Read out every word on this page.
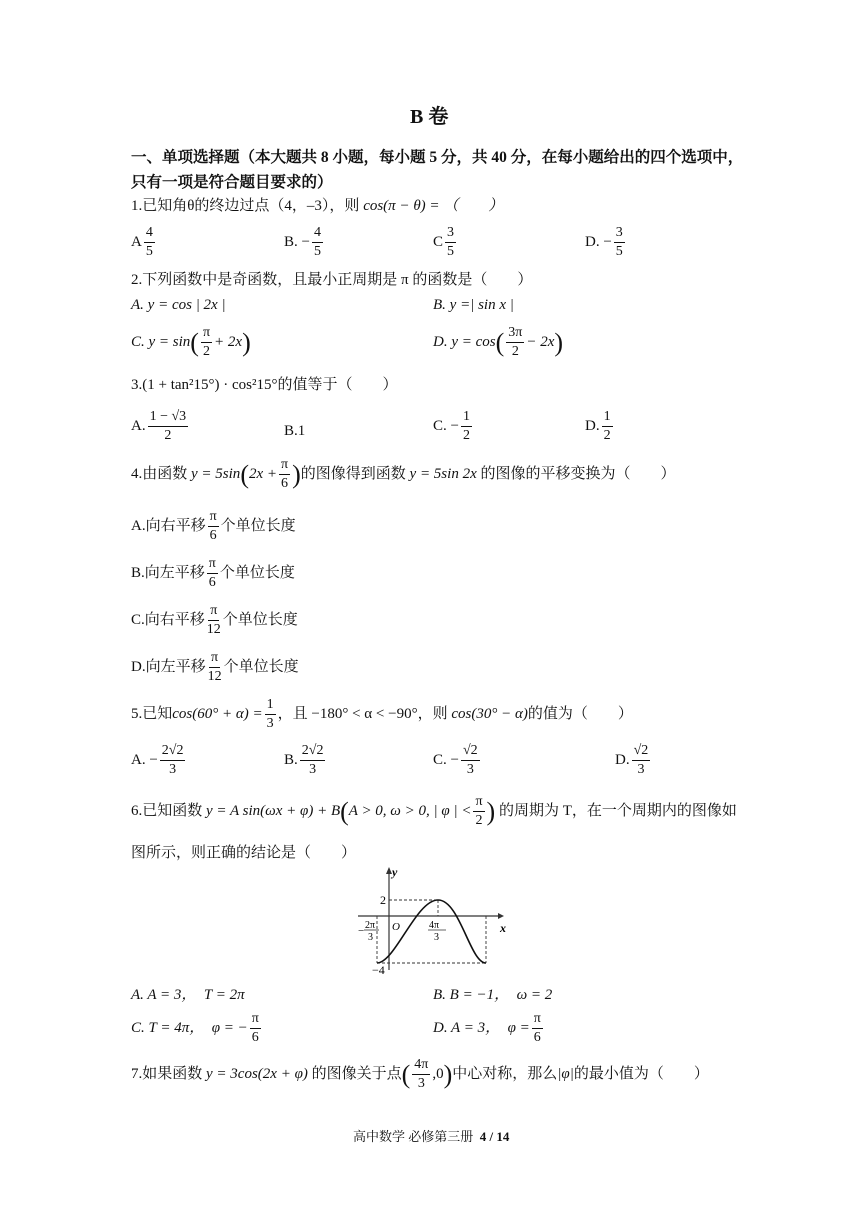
B 卷
一、单项选择题（本大题共 8 小题，每小题 5 分，共 40 分，在每小题给出的四个选项中，
只有一项是符合题目要求的）
1.已知角θ的终边过点（4，–3），则 cos(π − θ) = （　　）
A $\frac{4}{5}$	B. − $\frac{4}{5}$	C $\frac{3}{5}$	D. − $\frac{3}{5}$
2.下列函数中是奇函数，且最小正周期是 π 的函数是（　　）
A. y = cos | 2x |	B. y =| sin x |
C. y = sin ( $\frac{\pi}{2} + 2x$ )	D. y = cos ( $\frac{3\pi}{2} - 2x$ )
3.(1 + tan²15°) · cos²15°的值等于（　　）
A. $\frac{1 - √3}{2}$	B.1	C. − $\frac{1}{2}$	D. $\frac{1}{2}$
4.由函数
y = 5sin ( $2x + \frac{\pi}{6}$ ) 的图像得到函数
y = 5sin 2x
的图像的平移变换为（　　）
A.向右平移 $\frac{\pi}{6}$ 个单位长度
B.向左平移 $\frac{\pi}{6}$ 个单位长度
C.向右平移 $\frac{\pi}{12}$ 个单位长度
D.向左平移 $\frac{\pi}{12}$ 个单位长度
5.已知 $\cos(60^\circ + \alpha) = \frac{1}{3}$ ，且 −180° < α < −90°，则
cos(30° − α) 的值为（　　）
A. − $\frac{2√2}{3}$	B. $\frac{2√2}{3}$	C. − $\frac{√2}{3}$	D. $\frac{√2}{3}$
6.已知函数
y = A sin(ωx + φ) + B ( A > 0, ω > 0, | φ | < $\frac{\pi}{2}$ )
的周期为 T，在一个周期内的图像如
图所示，则正确的结论是（　　）
y
x
O
2
−4
− 2π
3
4π
3
A. A = 3，　T = 2π	B. B = −1，　ω = 2
C. T = 4π，　φ = − $\frac{\pi}{6}$	D. A = 3，　$\varphi = \frac{\pi}{6}$
7.如果函数
y = 3cos(2x + φ)
的图像关于点 ( $\frac{4\pi}{3} ,0$ ) 中心对称，那么 |φ| 的最小值为（　　）
高中数学 必修第三册 4 / 14
